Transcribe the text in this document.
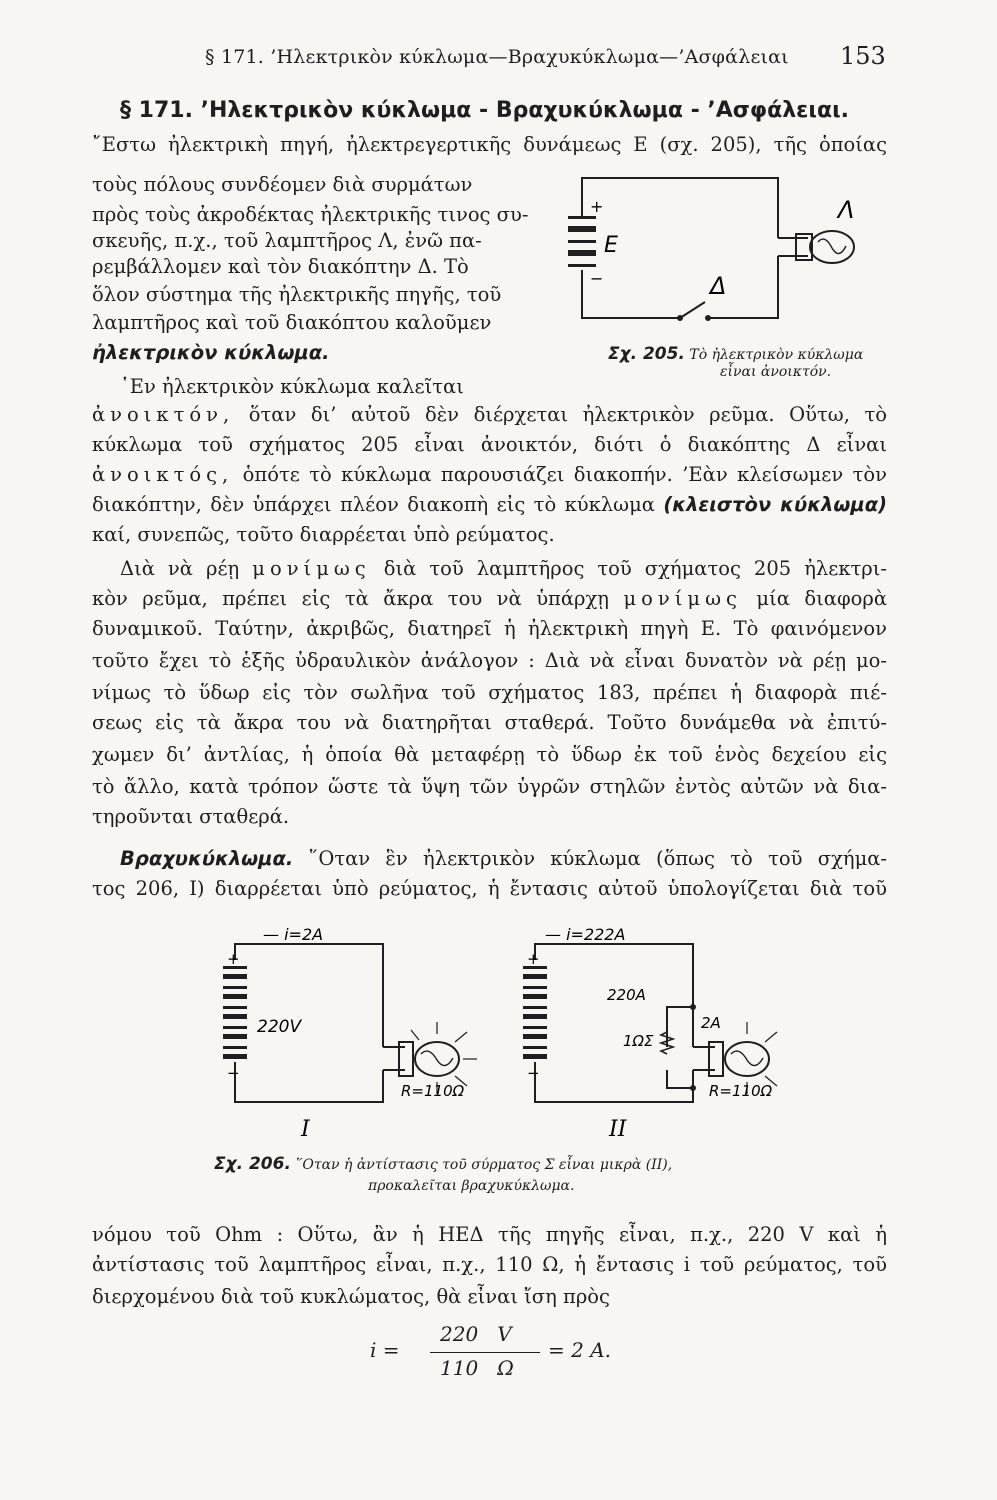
§ 171. ’Ηλεκτρικὸν κύκλωμα—Βραχυκύκλωμα—’Ασφάλειαι 153
§ 171. ’Ηλεκτρικὸν κύκλωμα - Βραχυκύκλωμα - ’Ασφάλειαι.
῎Εστω ἠλεκτρικὴ πηγή, ἠλεκτρεγερτικῆς δυνάμεως E (σχ. 205), τῆς ὁποίας
τοὺς πόλους συνδέομεν διὰ συρμάτων
πρὸς τοὺς ἀκροδέκτας ἠλεκτρικῆς τινος συ-
σκευῆς, π.χ., τοῦ λαμπτῆρος Λ, ἐνῶ πα-
ρεμβάλλομεν καὶ τὸν διακόπτην Δ. Τὸ
ὅλον σύστημα τῆς ἠλεκτρικῆς πηγῆς, τοῦ
λαμπτῆρος καὶ τοῦ διακόπτου καλοῦμεν
ἠλεκτρικὸν κύκλωμα.
+
−
E
Λ
Δ
Σχ. 205. Τὸ ἠλεκτρικὸν κύκλωμα
εἶναι ἀνοικτόν.
῾Εν ἠλεκτρικὸν κύκλωμα καλεῖται
ἀνοικτόν, ὅταν δι’ αὐτοῦ δὲν διέρχεται ἠλεκτρικὸν ρεῦμα. Οὕτω, τὸ
κύκλωμα τοῦ σχήματος 205 εἶναι ἀνοικτόν, διότι ὁ διακόπτης Δ εἶναι
ἀνοικτός, ὁπότε τὸ κύκλωμα παρουσιάζει διακοπήν. ’Εὰν κλείσωμεν τὸν
διακόπτην, δὲν ὑπάρχει πλέον διακοπὴ εἰς τὸ κύκλωμα (κλειστὸν κύκλωμα)
καί, συνεπῶς, τοῦτο διαρρέεται ὑπὸ ρεύματος.
Διὰ νὰ ρέῃ μονίμως διὰ τοῦ λαμπτῆρος τοῦ σχήματος 205 ἠλεκτρι-
κὸν ρεῦμα, πρέπει εἰς τὰ ἄκρα του νὰ ὑπάρχῃ μονίμως μία διαφορὰ
δυναμικοῦ. Ταύτην, ἀκριβῶς, διατηρεῖ ἡ ἠλεκτρικὴ πηγὴ E. Τὸ φαινόμενον
τοῦτο ἔχει τὸ ἑξῆς ὑδραυλικὸν ἀνάλογον : Διὰ νὰ εἶναι δυνατὸν νὰ ρέῃ μο-
νίμως τὸ ὕδωρ εἰς τὸν σωλῆνα τοῦ σχήματος 183, πρέπει ἡ διαφορὰ πιέ-
σεως εἰς τὰ ἄκρα του νὰ διατηρῆται σταθερά. Τοῦτο δυνάμεθα νὰ ἐπιτύ-
χωμεν δι’ ἀντλίας, ἡ ὁποία θὰ μεταφέρῃ τὸ ὕδωρ ἐκ τοῦ ἑνὸς δεχείου εἰς
τὸ ἄλλο, κατὰ τρόπον ὥστε τὰ ὕψη τῶν ὑγρῶν στηλῶν ἐντὸς αὐτῶν νὰ δια-
τηροῦνται σταθερά.
Βραχυκύκλωμα. ῞Οταν ἓν ἠλεκτρικὸν κύκλωμα (ὅπως τὸ τοῦ σχήμα-
τος 206, I) διαρρέεται ὑπὸ ρεύματος, ἡ ἔντασις αὐτοῦ ὑπολογίζεται διὰ τοῦ
+
−
— i=2A
220V
R=110Ω
I
+
−
— i=222A
220A
2A
1ΩΣ
R=110Ω
II
Σχ. 206. ῞Οταν ἡ ἀντίστασις τοῦ σύρματος Σ εἶναι μικρὰ (II),
προκαλεῖται βραχυκύκλωμα.
νόμου τοῦ Ohm : Οὕτω, ἂν ἡ ΗΕΔ τῆς πηγῆς εἶναι, π.χ., 220 V καὶ ἡ
ἀντίστασις τοῦ λαμπτῆρος εἶναι, π.χ., 110 Ω, ἡ ἔντασις i τοῦ ρεύματος, τοῦ
διερχομένου διὰ τοῦ κυκλώματος, θὰ εἶναι ἴση πρὸς
i =
220   V
110   Ω
= 2 A.
